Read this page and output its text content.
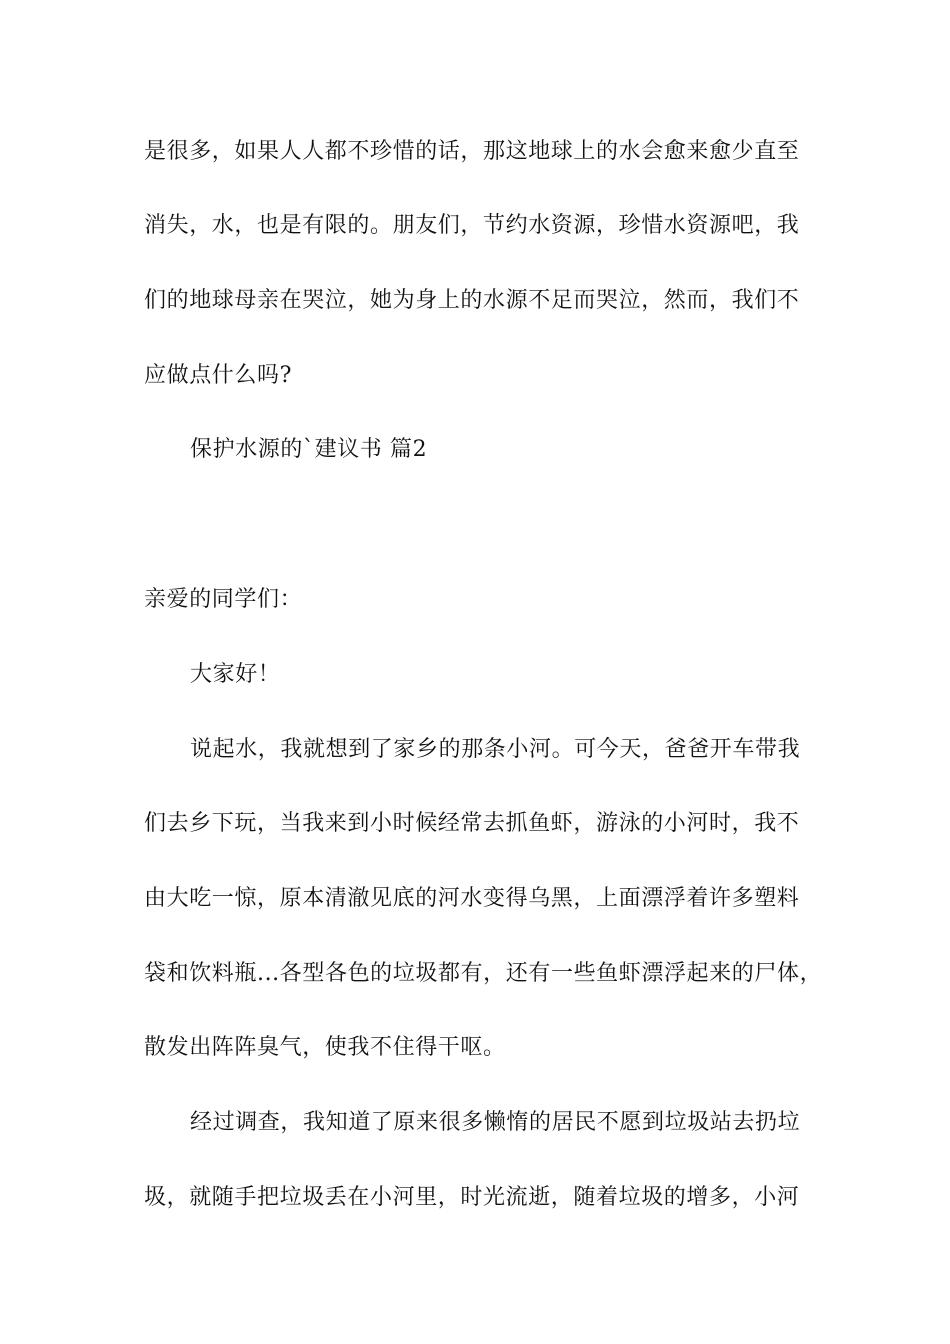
是很多，如果人人都不珍惜的话，那这地球上的水会愈来愈少直至
消失，水，也是有限的。朋友们，节约水资源，珍惜水资源吧，我
们的地球母亲在哭泣，她为身上的水源不足而哭泣，然而，我们不
应做点什么吗?
保护水源的`建议书 篇2
亲爱的同学们：
大家好！
说起水，我就想到了家乡的那条小河。可今天，爸爸开车带我
们去乡下玩，当我来到小时候经常去抓鱼虾，游泳的小河时，我不
由大吃一惊，原本清澈见底的河水变得乌黑，上面漂浮着许多塑料
袋和饮料瓶...各型各色的垃圾都有，还有一些鱼虾漂浮起来的尸体，
散发出阵阵臭气，使我不住得干呕。
经过调查，我知道了原来很多懒惰的居民不愿到垃圾站去扔垃
圾，就随手把垃圾丢在小河里，时光流逝，随着垃圾的增多，小河
